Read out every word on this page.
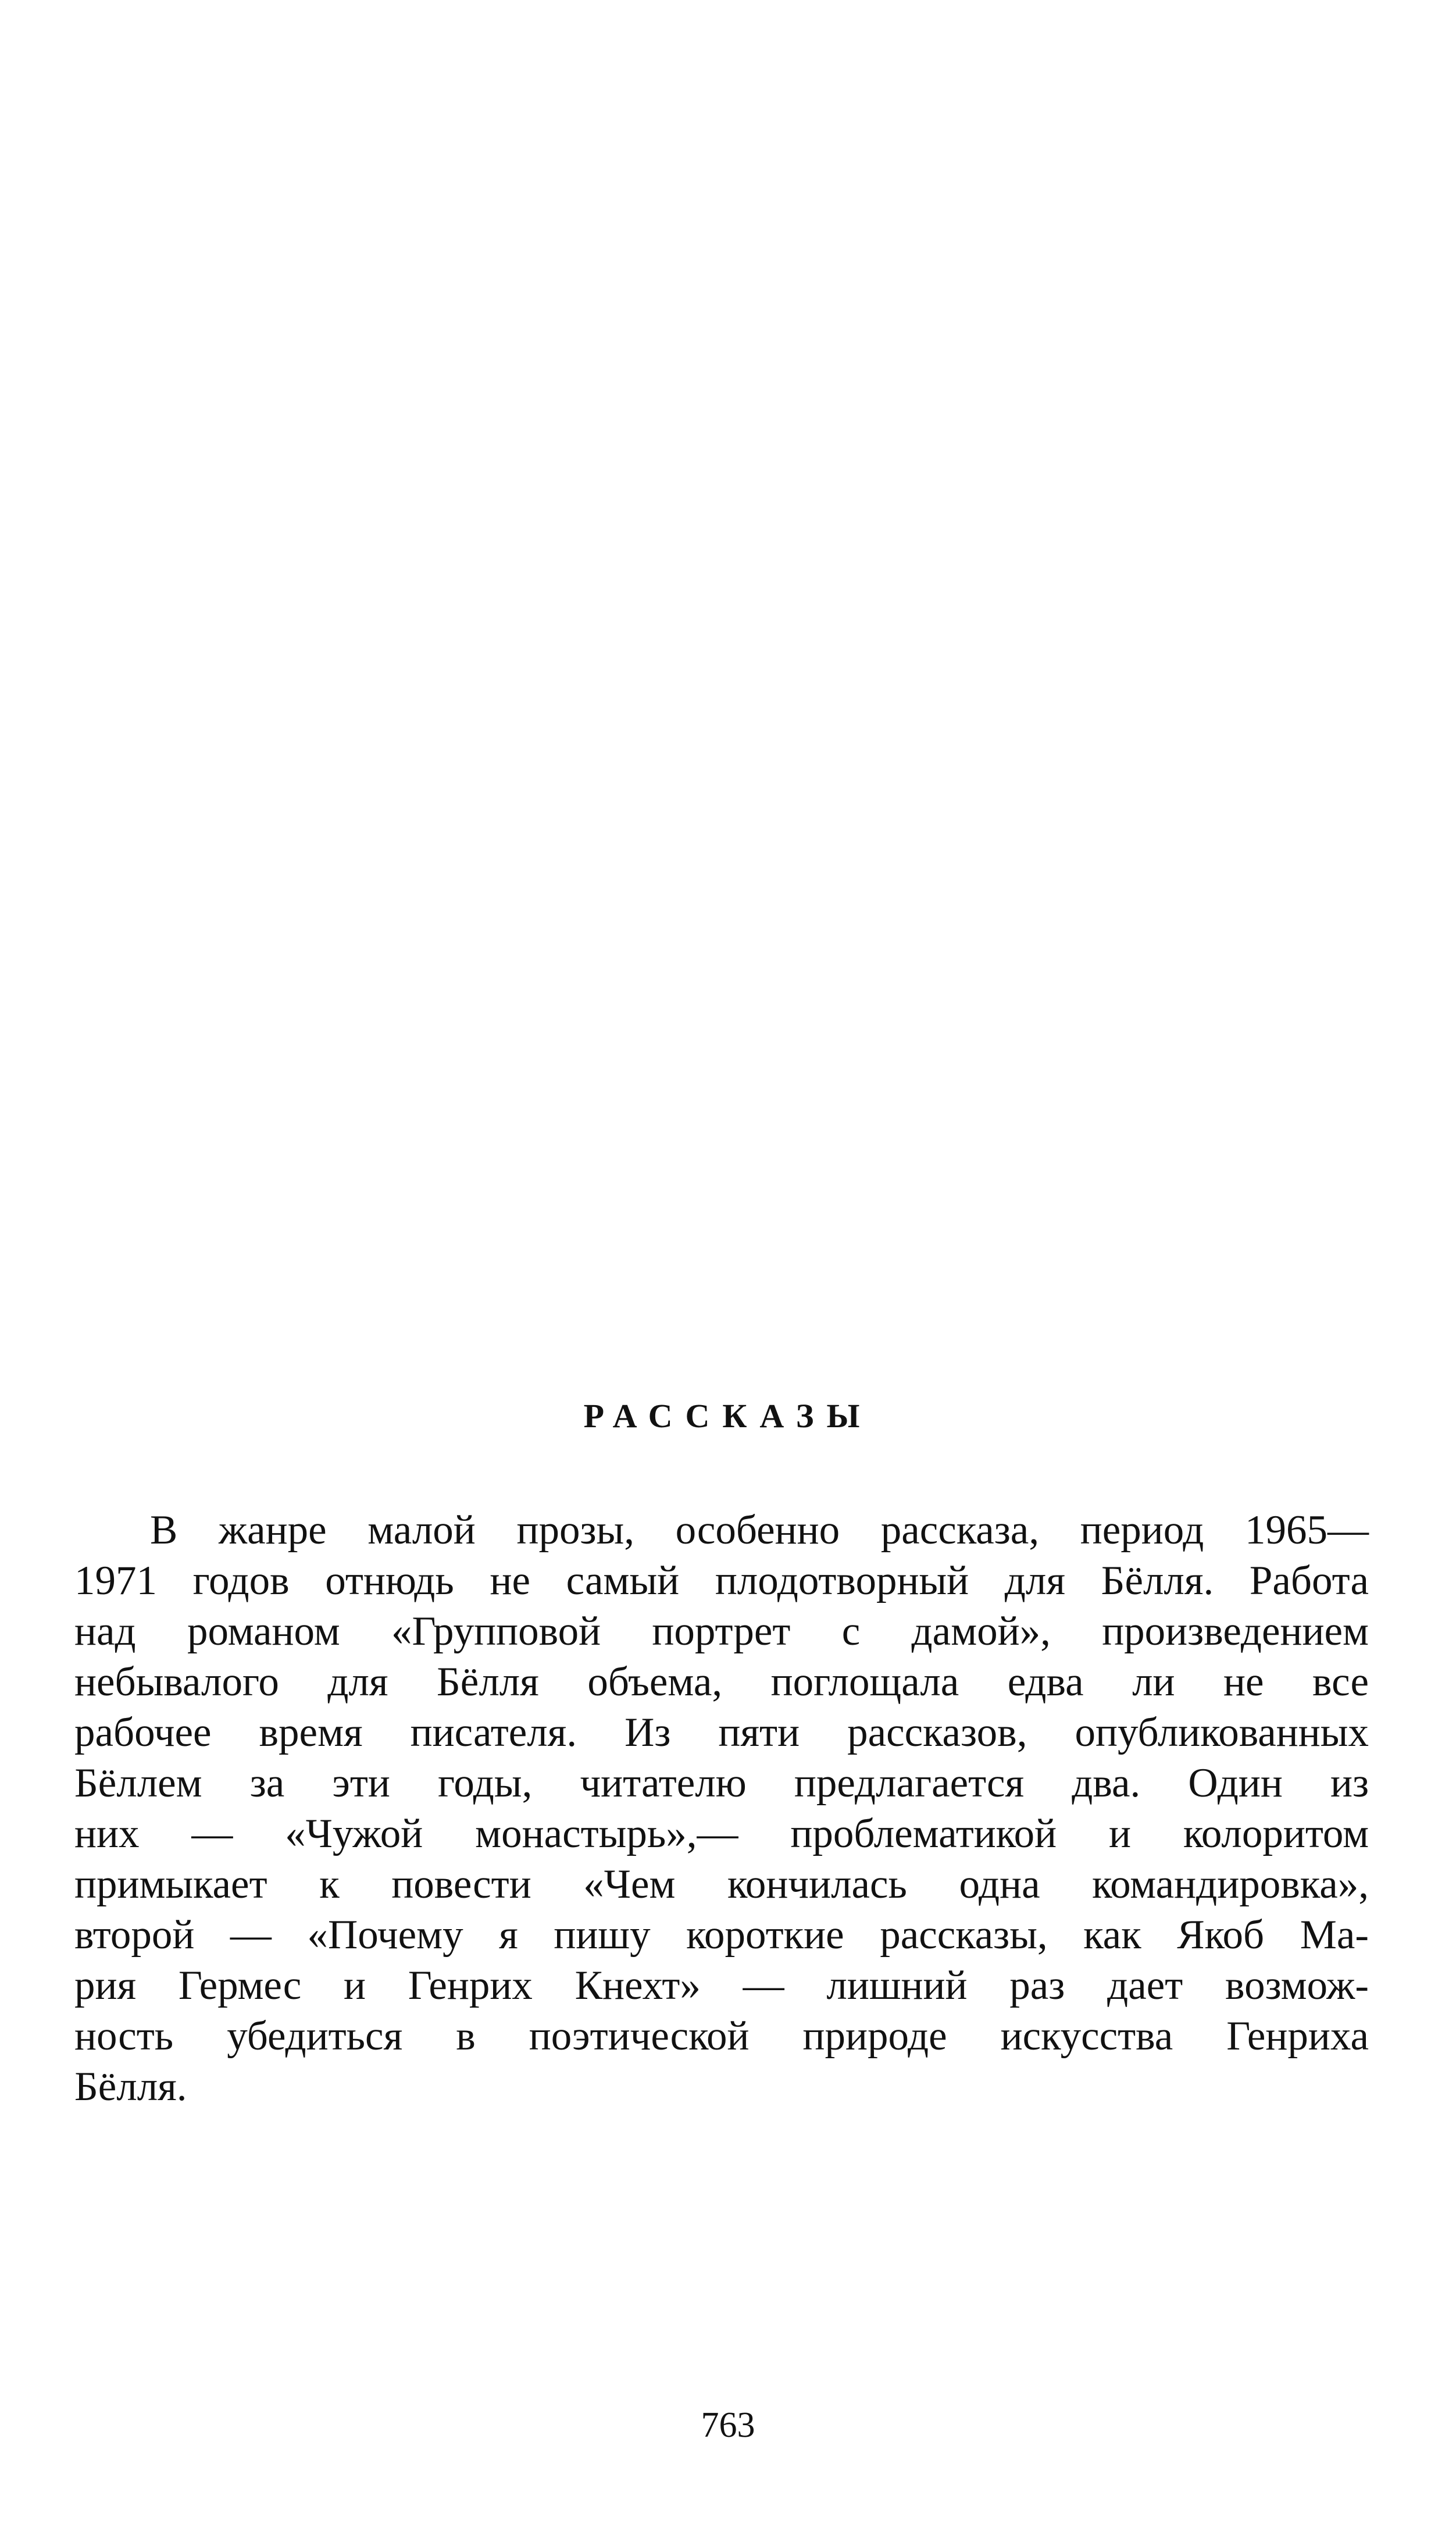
РАССКАЗЫ
В жанре малой прозы, особенно рассказа, период 1965—
1971 годов отнюдь не самый плодотворный для Бёлля. Работа
над романом «Групповой портрет с дамой», произведением
небывалого для Бёлля объема, поглощала едва ли не все
рабочее время писателя. Из пяти рассказов, опубликованных
Бёллем за эти годы, читателю предлагается два. Один из
них — «Чужой монастырь»,— проблематикой и колоритом
примыкает к повести «Чем кончилась одна командировка»,
второй — «Почему я пишу короткие рассказы, как Якоб Ма-
рия Гермес и Генрих Кнехт» — лишний раз дает возмож-
ность убедиться в поэтической природе искусства Генриха
Бёлля.
763
